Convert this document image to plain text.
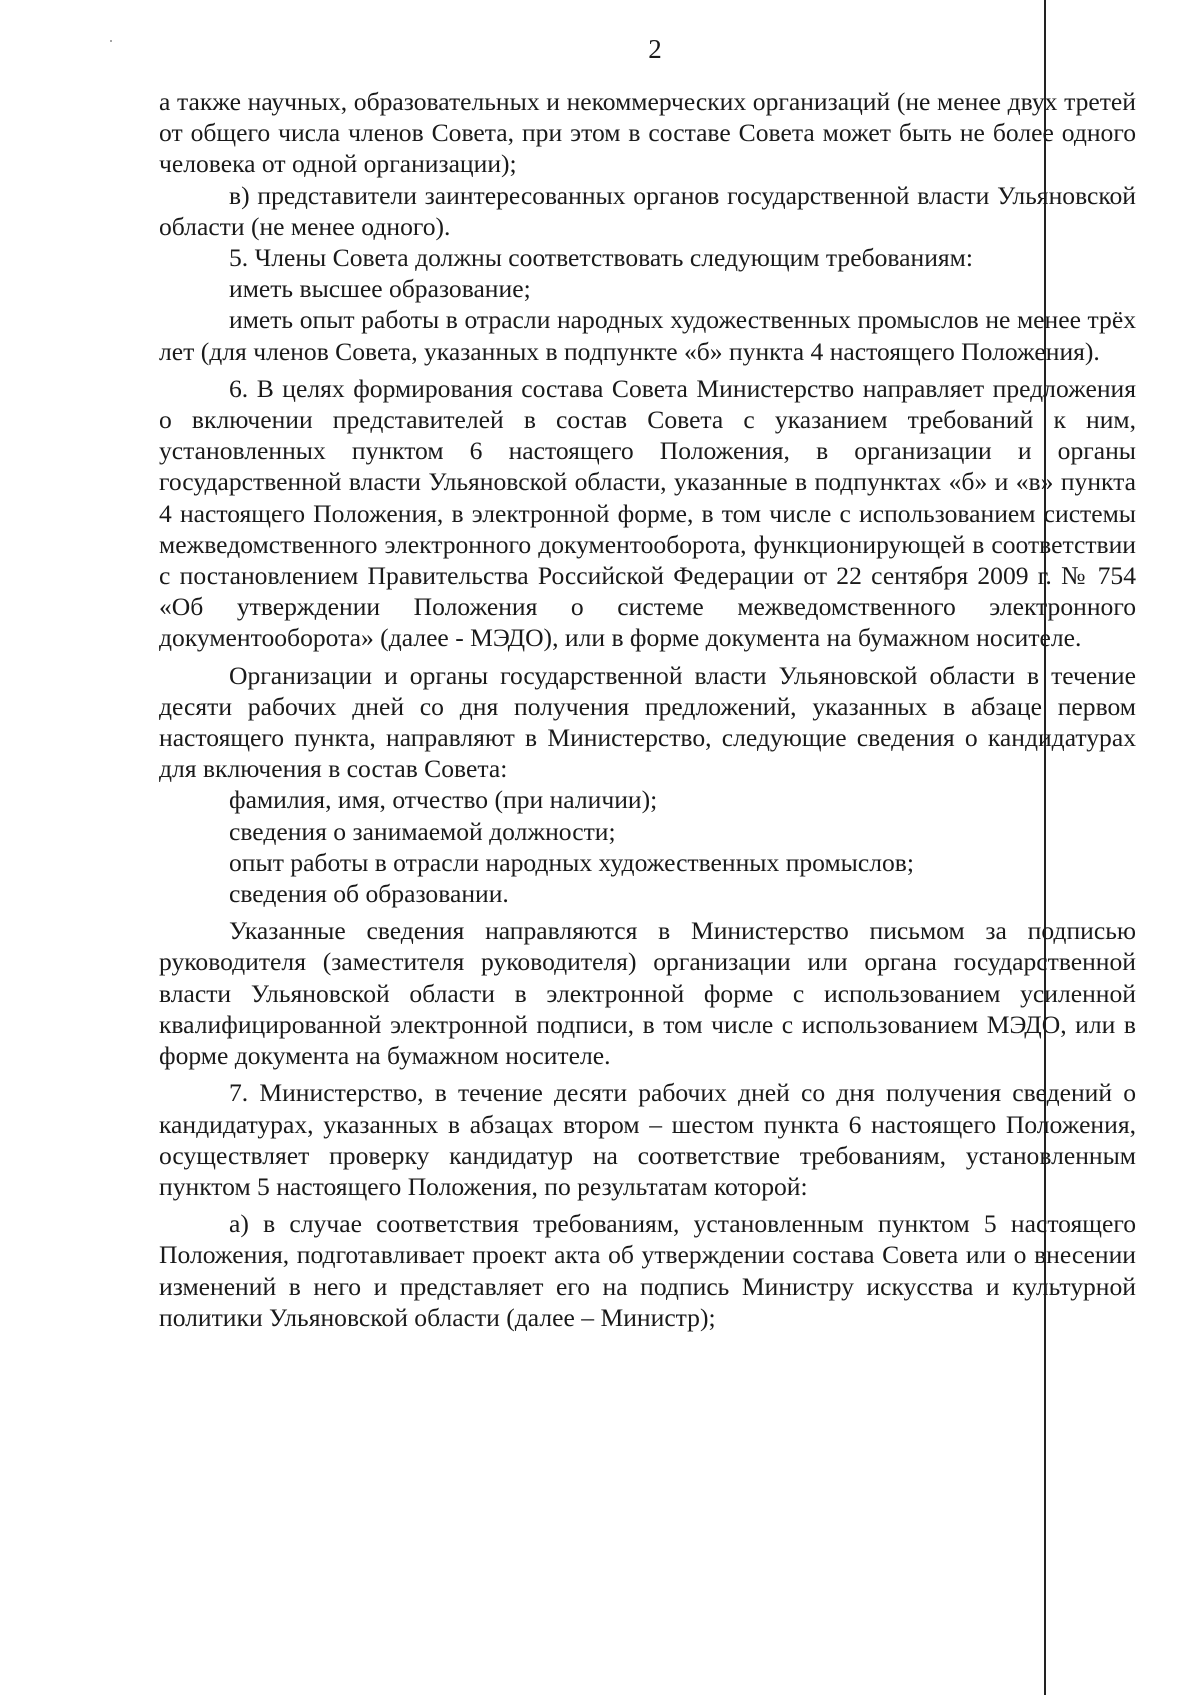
2

а также научных, образовательных и некоммерческих организаций (не менее двух третей от общего числа членов Совета, при этом в составе Совета может быть не более одного человека от одной организации);

в) представители заинтересованных органов государственной власти Ульяновской области (не менее одного).

5. Члены Совета должны соответствовать следующим требованиям:

иметь высшее образование;

иметь опыт работы в отрасли народных художественных промыслов не менее трёх лет (для членов Совета, указанных в подпункте «б» пункта 4 настоящего Положения).

6. В целях формирования состава Совета Министерство направляет предложения о включении представителей в состав Совета с указанием требований к ним, установленных пунктом 6 настоящего Положения, в организации и органы государственной власти Ульяновской области, указанные в подпунктах «б» и «в» пункта 4 настоящего Положения, в электронной форме, в том числе с использованием системы межведомственного электронного документооборота, функционирующей в соответствии с постановлением Правительства Российской Федерации от 22 сентября 2009 г. № 754 «Об утверждении Положения о системе межведомственного электронного документооборота» (далее - МЭДО), или в форме документа на бумажном носителе.

Организации и органы государственной власти Ульяновской области в течение десяти рабочих дней со дня получения предложений, указанных в абзаце первом настоящего пункта, направляют в Министерство, следующие сведения о кандидатурах для включения в состав Совета:

фамилия, имя, отчество (при наличии);

сведения о занимаемой должности;

опыт работы в отрасли народных художественных промыслов;

сведения об образовании.

Указанные сведения направляются в Министерство письмом за подписью руководителя (заместителя руководителя) организации или органа государственной власти Ульяновской области в электронной форме с использованием усиленной квалифицированной электронной подписи, в том числе с использованием МЭДО, или в форме документа на бумажном носителе.

7. Министерство, в течение десяти рабочих дней со дня получения сведений о кандидатурах, указанных в абзацах втором – шестом пункта 6 настоящего Положения, осуществляет проверку кандидатур на соответствие требованиям, установленным пунктом 5 настоящего Положения, по результатам которой:

а) в случае соответствия требованиям, установленным пунктом 5 настоящего Положения, подготавливает проект акта об утверждении состава Совета или о внесении изменений в него и представляет его на подпись Министру искусства и культурной политики Ульяновской области (далее – Министр);
